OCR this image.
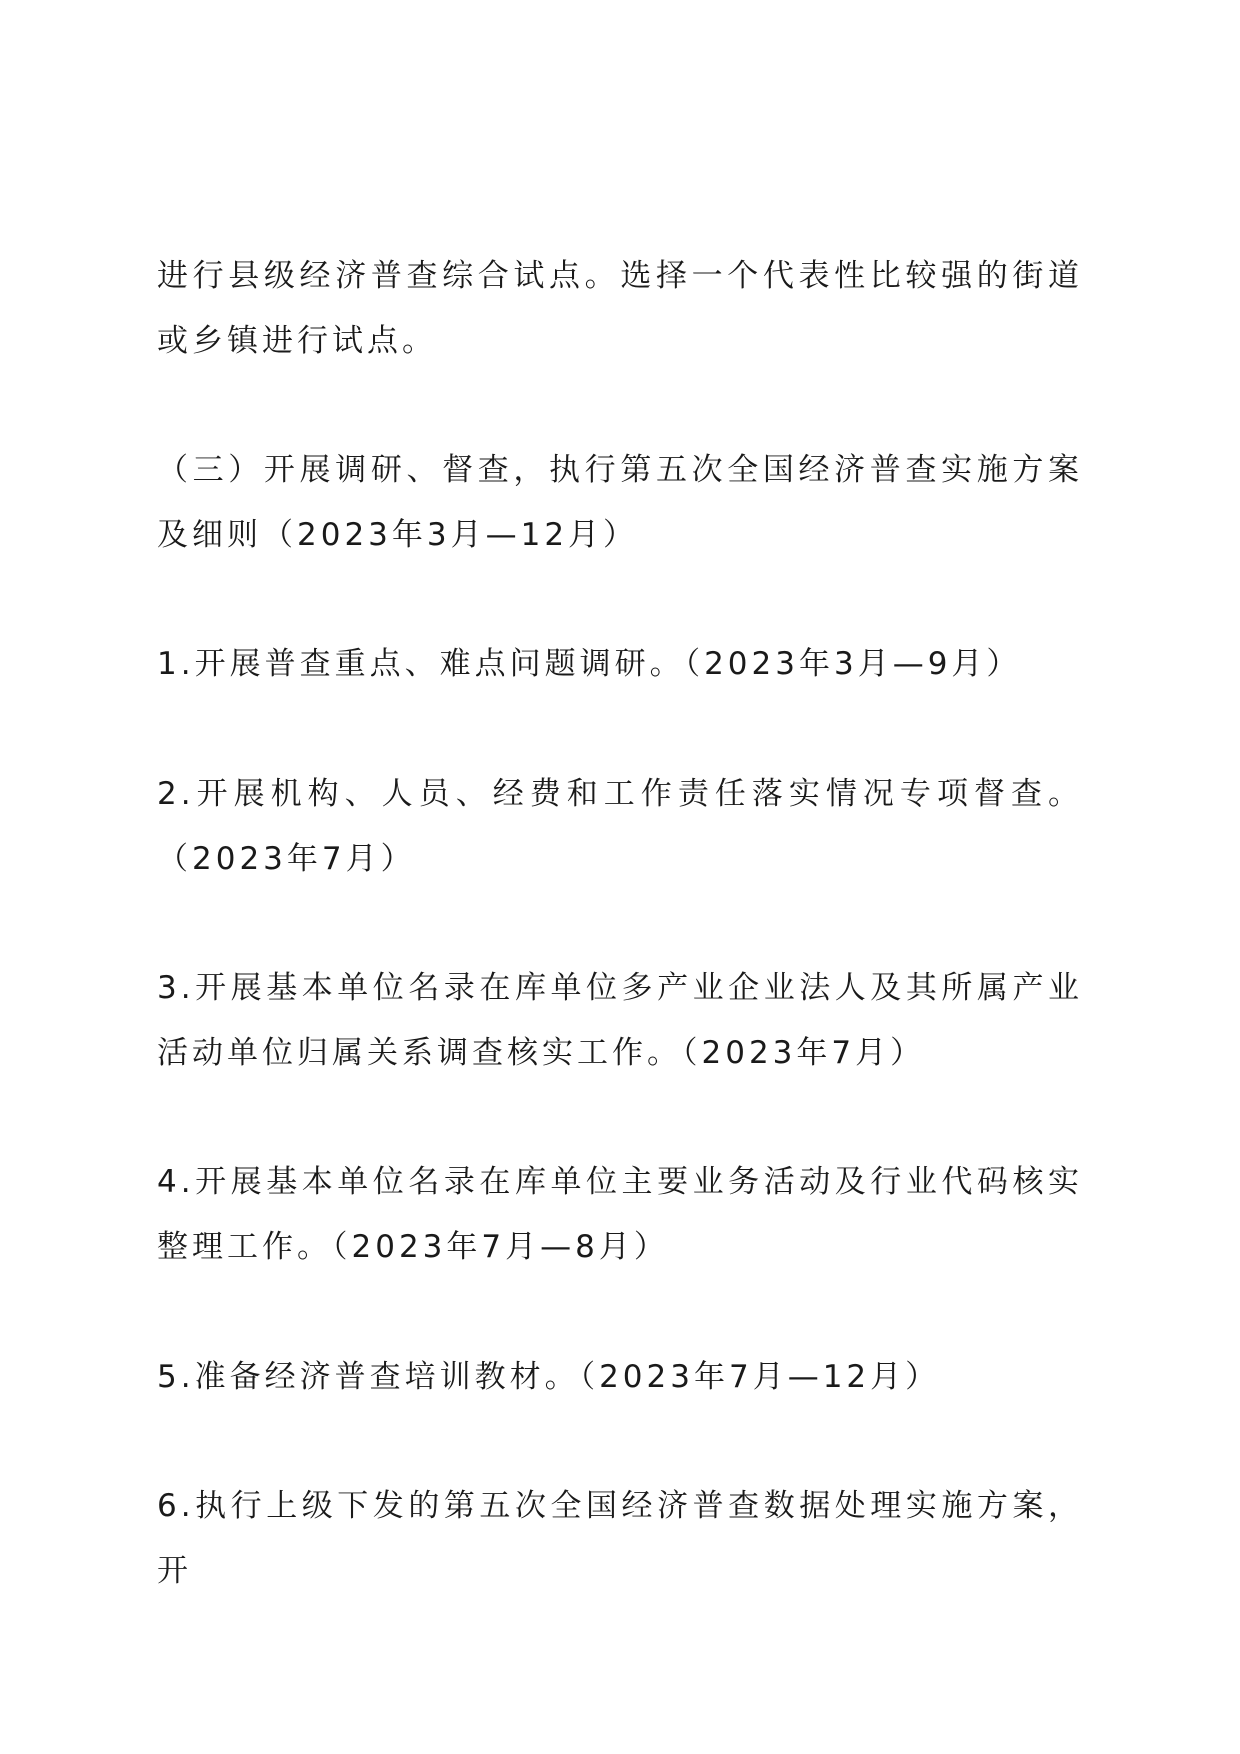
进行县级经济普查综合试点。选择一个代表性比较强的街道或乡镇进行试点。

（三）开展调研、督查，执行第五次全国经济普查实施方案及细则（2023年3月—12月）

1.开展普查重点、难点问题调研。（2023年3月—9月）

2.开展机构、人员、经费和工作责任落实情况专项督查。

（2023年7月）

3.开展基本单位名录在库单位多产业企业法人及其所属产业活动单位归属关系调查核实工作。（2023年7月）

4.开展基本单位名录在库单位主要业务活动及行业代码核实整理工作。（2023年7月—8月）

5.准备经济普查培训教材。（2023年7月—12月）

6.执行上级下发的第五次全国经济普查数据处理实施方案，开
